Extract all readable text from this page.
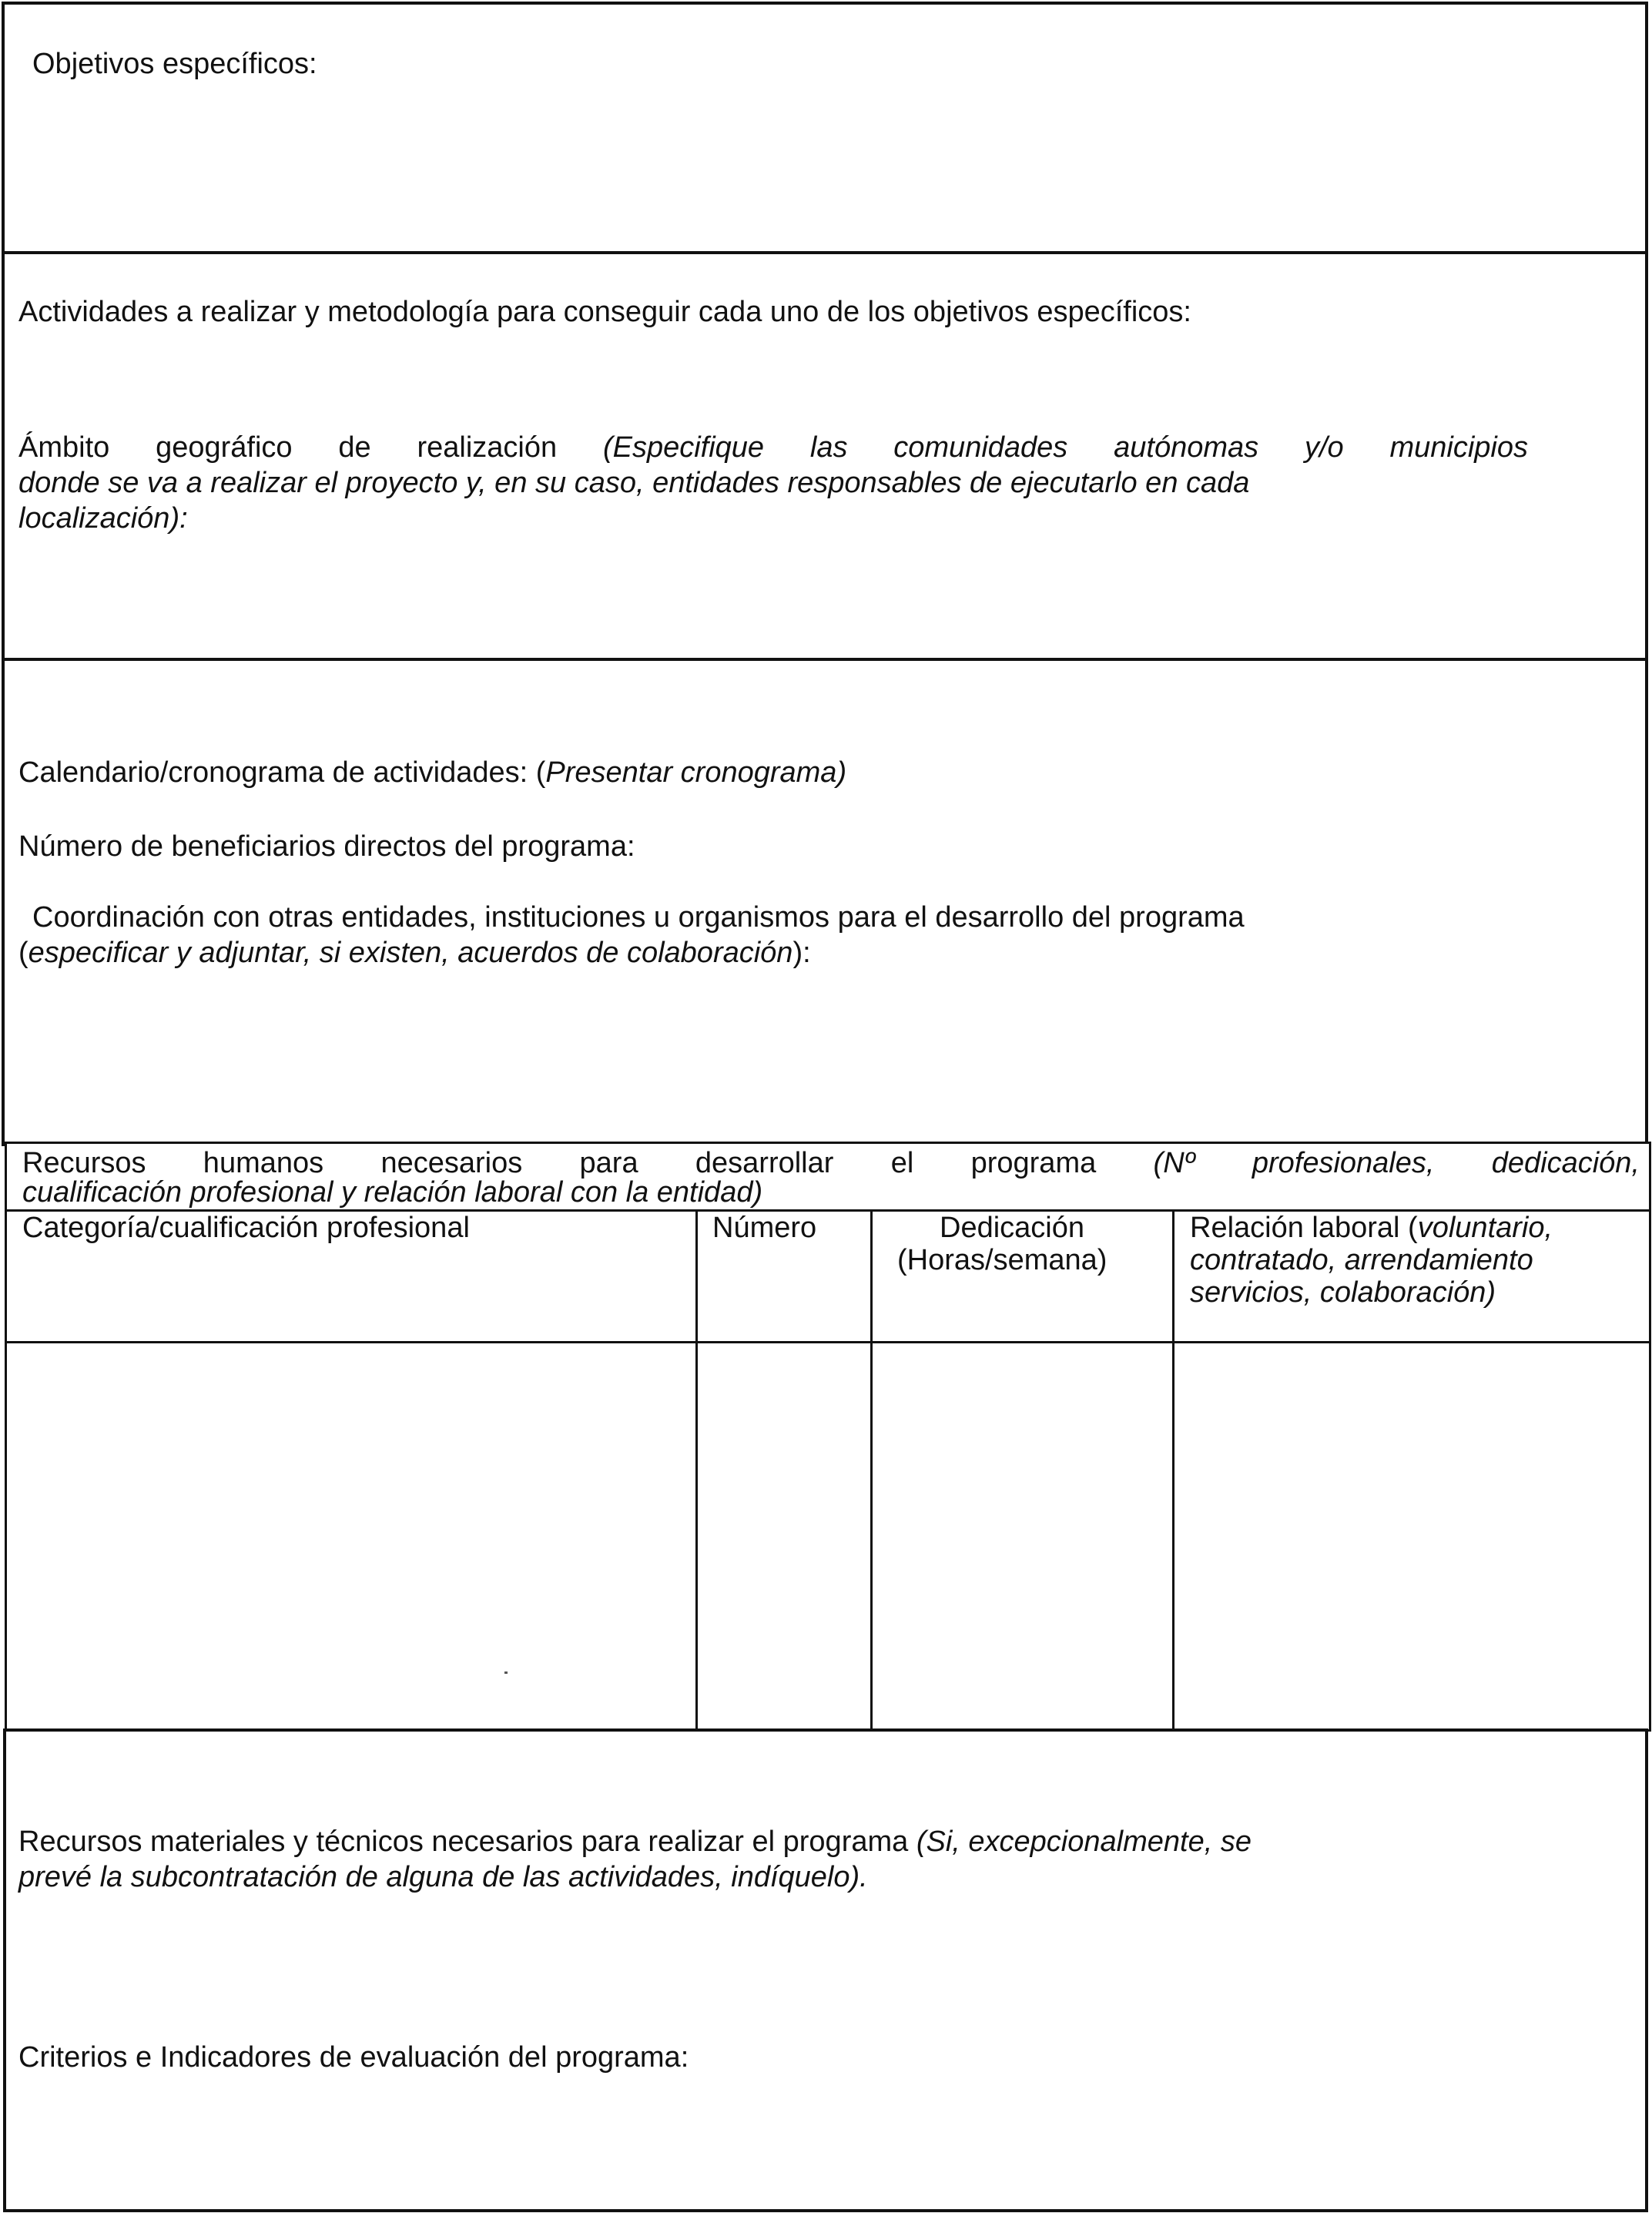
Objetivos específicos:
Actividades a realizar y metodología para conseguir cada uno de los objetivos específicos:
Ámbito geográfico de realización (Especifique las comunidades autónomas y/o municipios
donde se va a realizar el proyecto y, en su caso, entidades responsables de ejecutarlo en cada
localización):
Calendario/cronograma de actividades: (Presentar cronograma)
Número de beneficiarios directos del programa:
Coordinación con otras entidades, instituciones u organismos para el desarrollo del programa
(especificar y adjuntar, si existen, acuerdos de colaboración):
Recursos humanos necesarios para desarrollar el programa (Nº profesionales, dedicación,
cualificación profesional y relación laboral con la entidad)
Categoría/cualificación profesional	Número	Dedicación
(Horas/semana)
Relación laboral (voluntario,
contratado, arrendamiento
servicios, colaboración)
Recursos materiales y técnicos necesarios para realizar el programa (Si, excepcionalmente, se
prevé la subcontratación de alguna de las actividades, indíquelo).
Criterios e Indicadores de evaluación del programa:
